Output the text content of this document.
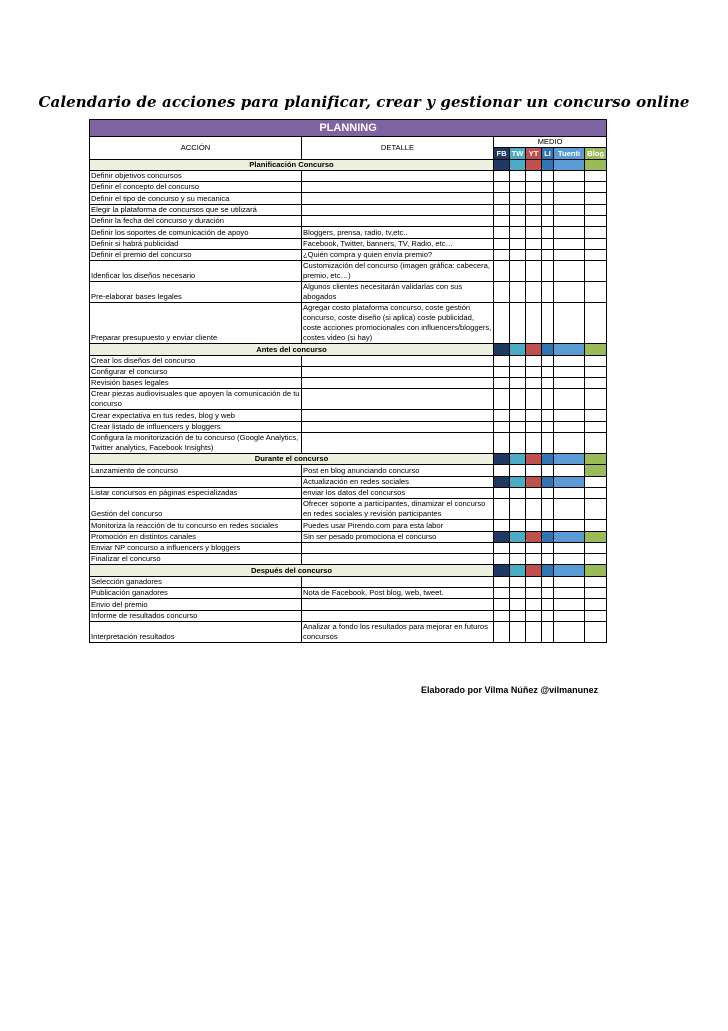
Calendario de acciones para planificar, crear y gestionar un concurso online
PLANNING							
ACCIÓN	DETALLE	MEDIO					
		FB	TW	YT	LI	Tuenti	Blog
Planificación Concurso							
Definir objetivos concursos							
Definir el concepto del concurso							
Definir el tipo de concurso y su mecanica							
Elegir la plataforma de concursos que se utilizará							
Definir la fecha del concurso y duración							
Definir los soportes de comunicación de apoyo	Bloggers, prensa, radio, tv,etc..						
Definir si habrá publicidad	Facebook, Twitter, banners, TV, Radio, etc…						
Definir el premio del concurso	¿Quién compra y quien envía premio?						
Idenficar los diseños necesario	Customización del concurso (imagen gráfica: cabecera, premio, etc…)						
Pre-elaborar bases legales	Algunos clientes necesitarán validarlas con sus abogados						
Preparar presupuesto y enviar cliente	Agregar costo plataforma concurso, coste gestión concurso, coste diseño (si aplica) coste publicidad, coste acciones promocionales con influencers/bloggers, costes video (si hay)						
Antes del concurso							
Crear los diseños del concurso							
Configurar el concurso							
Revisión bases legales							
Crear piezas audiovisuales que apoyen la comunicación de tu concurso							
Crear expectativa en tus redes, blog y web							
Crear listado de influencers y bloggers							
Configura la monitorización de tu concurso (Google Analytics, Twitter analytics, Facebook Insights)							
Durante el concurso							
Lanzamiento de concurso	Post en blog anunciando concurso						
	Actualización en redes sociales						
Listar concursos en páginas especializadas	enviar los datos del concursos						
Gestión del concurso	Ofrecer soporte a participantes, dinamizar el concurso en redes sociales y revisión participantes						
Monitoriza la reacción de tu concurso en redes sociales	Puedes usar Pirendo.com para esta labor						
Promoción en distintos canales	Sin ser pesado promociona el concurso						
Enviar NP concurso a influencers y bloggers							
Finalizar el concurso							
Después del concurso							
Selección ganadores							
Publicación ganadores	Nota de Facebook, Post blog, web, tweet.						
Envio del premio							
Informe de resultados concurso							
Interpretación resultados	Analizar a fondo los resultados para mejorar en futuros concursos						
Elaborado por Vilma Núñez @vilmanunez
